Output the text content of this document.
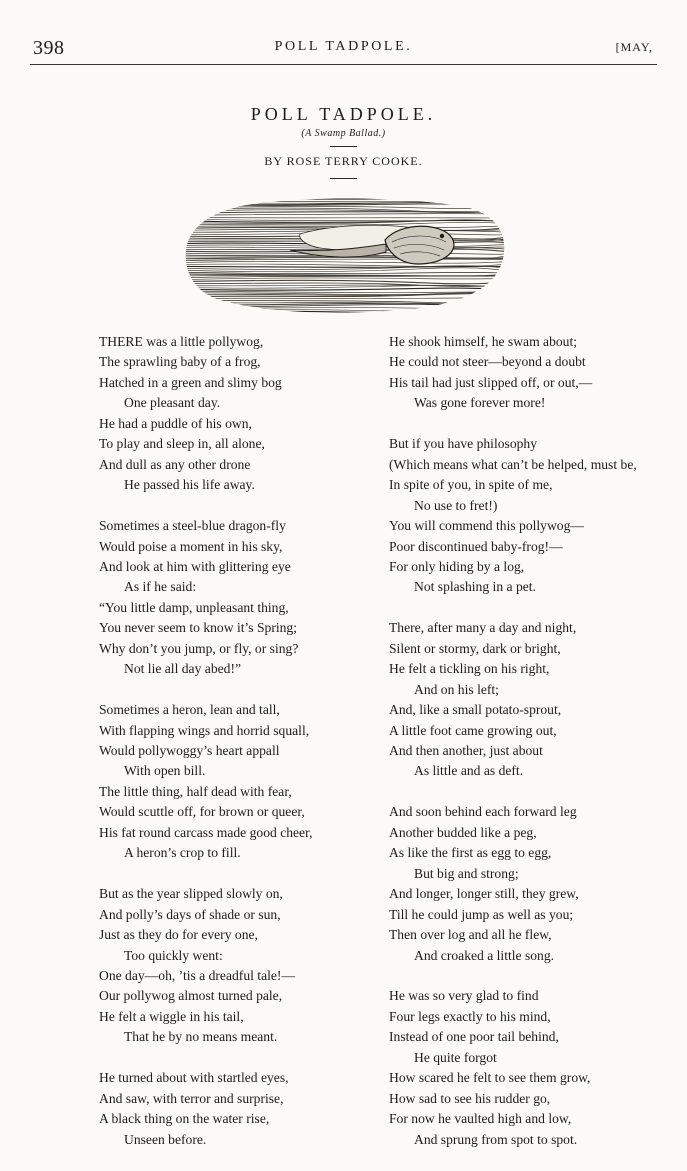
398	POLL TADPOLE.	[MAY,
POLL TADPOLE.
(A Swamp Ballad.)
BY ROSE TERRY COOKE.
THERE was a little pollywog,
The sprawling baby of a frog,
Hatched in a green and slimy bog
One pleasant day.
He had a puddle of his own,
To play and sleep in, all alone,
And dull as any other drone
He passed his life away.
Sometimes a steel-blue dragon-fly
Would poise a moment in his sky,
And look at him with glittering eye
As if he said:
“You little damp, unpleasant thing,
You never seem to know it’s Spring;
Why don’t you jump, or fly, or sing?
Not lie all day abed!”
Sometimes a heron, lean and tall,
With flapping wings and horrid squall,
Would pollywoggy’s heart appall
With open bill.
The little thing, half dead with fear,
Would scuttle off, for brown or queer,
His fat round carcass made good cheer,
A heron’s crop to fill.
But as the year slipped slowly on,
And polly’s days of shade or sun,
Just as they do for every one,
Too quickly went:
One day—oh, ’tis a dreadful tale!—
Our pollywog almost turned pale,
He felt a wiggle in his tail,
That he by no means meant.
He turned about with startled eyes,
And saw, with terror and surprise,
A black thing on the water rise,
Unseen before.
He shook himself, he swam about;
He could not steer—beyond a doubt
His tail had just slipped off, or out,—
Was gone forever more!
But if you have philosophy
(Which means what can’t be helped, must be,
In spite of you, in spite of me,
No use to fret!)
You will commend this pollywog—
Poor discontinued baby-frog!—
For only hiding by a log,
Not splashing in a pet.
There, after many a day and night,
Silent or stormy, dark or bright,
He felt a tickling on his right,
And on his left;
And, like a small potato-sprout,
A little foot came growing out,
And then another, just about
As little and as deft.
And soon behind each forward leg
Another budded like a peg,
As like the first as egg to egg,
But big and strong;
And longer, longer still, they grew,
Till he could jump as well as you;
Then over log and all he flew,
And croaked a little song.
He was so very glad to find
Four legs exactly to his mind,
Instead of one poor tail behind,
He quite forgot
How scared he felt to see them grow,
How sad to see his rudder go,
For now he vaulted high and low,
And sprung from spot to spot.
